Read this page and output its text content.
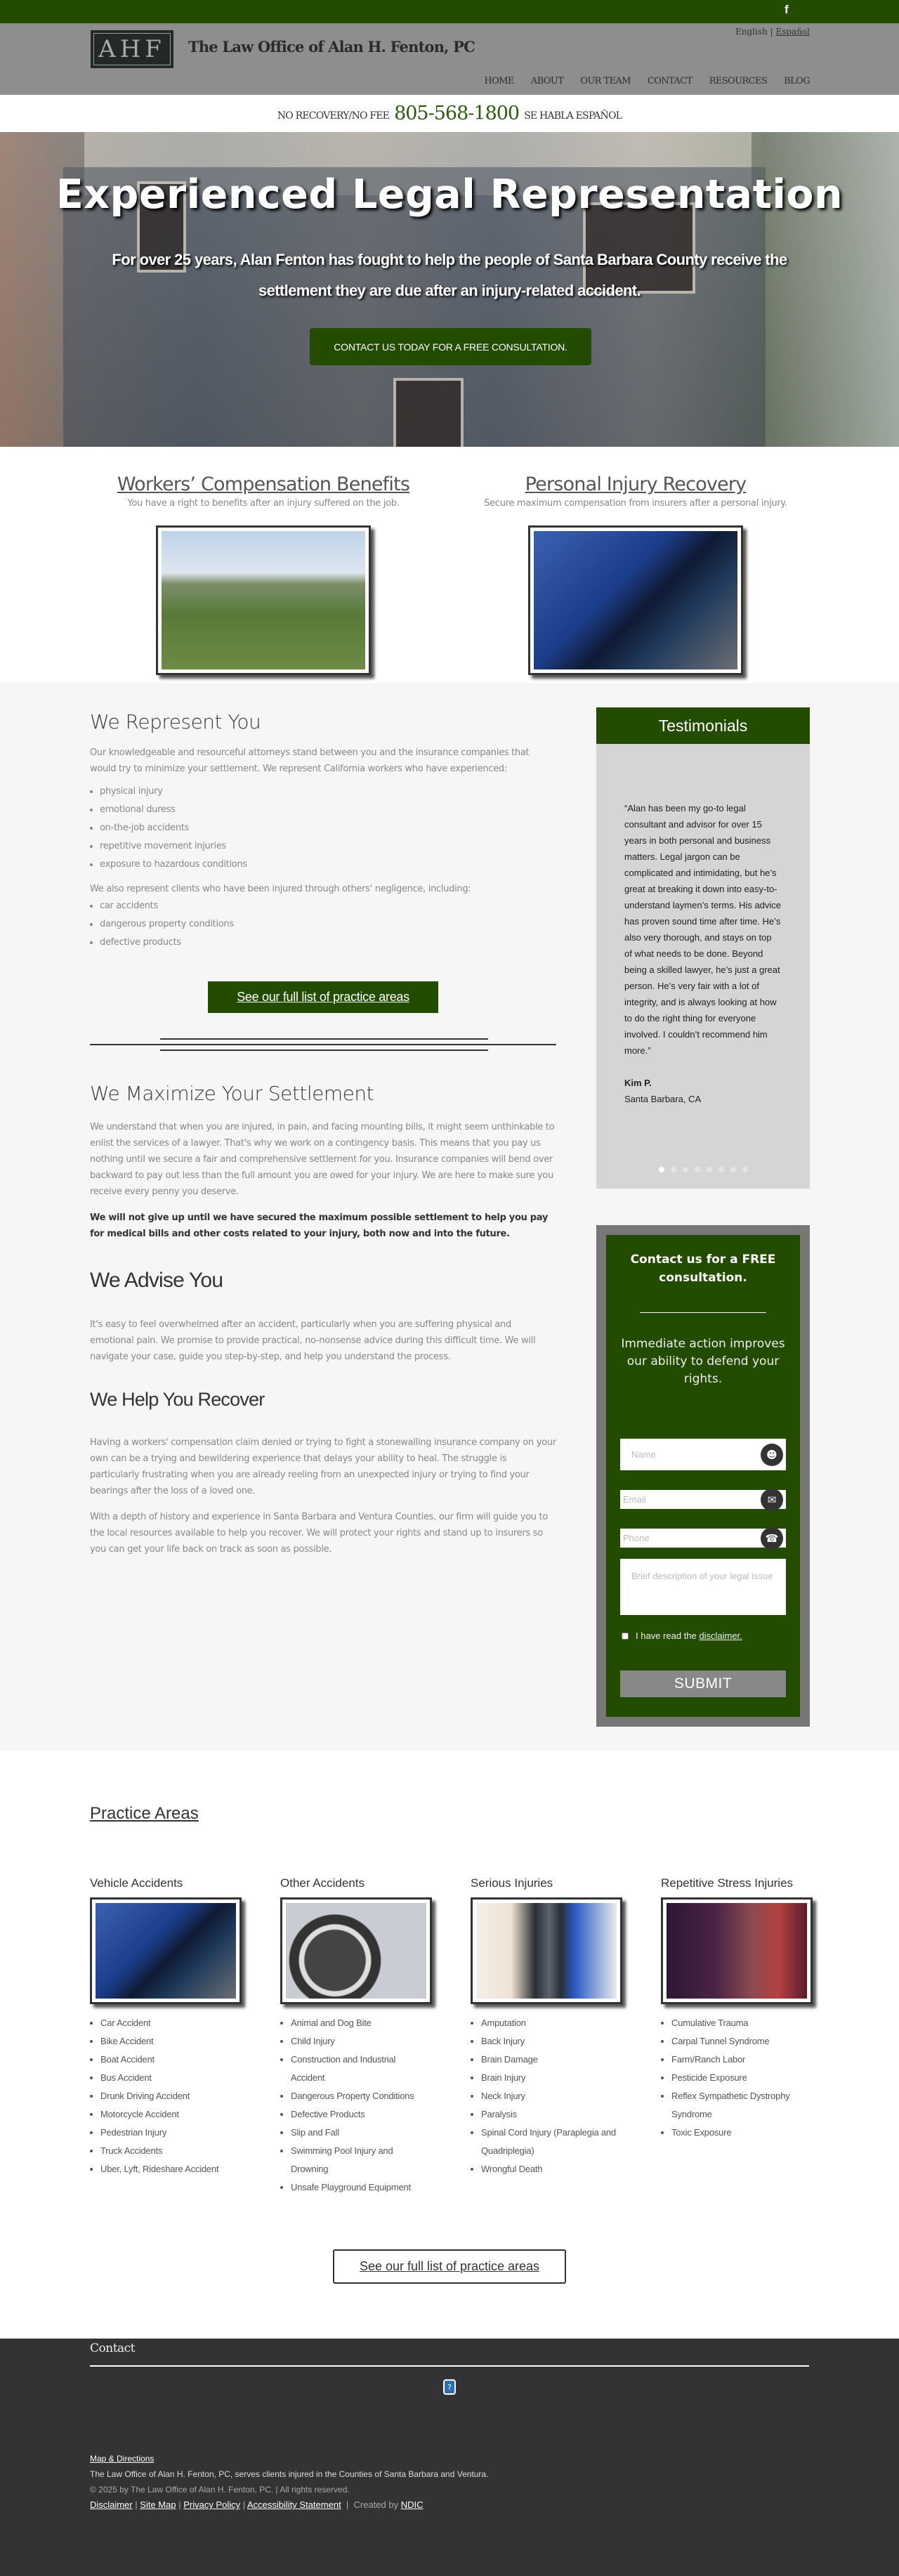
f
AHF	The Law Office of Alan H. Fenton, PC
English | Español
HOME ABOUT OUR TEAM CONTACT RESOURCES BLOG
NO RECOVERY/NO FEE 805-568-1800 SE HABLA ESPAÑOL
Experienced Legal Representation
For over 25 years, Alan Fenton has fought to help the people of Santa Barbara County receive the settlement they are due after an injury-related accident.
CONTACT US TODAY FOR A FREE CONSULTATION.
Workers’ Compensation Benefits

You have a right to benefits after an injury suffered on the job.

Personal Injury Recovery

Secure maximum compensation from insurers after a personal injury.

We Represent You

Our knowledgeable and resourceful attorneys stand between you and the insurance companies that would try to minimize your settlement. We represent California workers who have experienced:

• physical injury
• emotional duress
• on-the-job accidents
• repetitive movement injuries
• exposure to hazardous conditions

We also represent clients who have been injured through others' negligence, including:

• car accidents
• dangerous property conditions
• defective products
See our full list of practice areas
We Maximize Your Settlement

We understand that when you are injured, in pain, and facing mounting bills, it might seem unthinkable to enlist the services of a lawyer. That's why we work on a contingency basis. This means that you pay us nothing until we secure a fair and comprehensive settlement for you. Insurance companies will bend over backward to pay out less than the full amount you are owed for your injury. We are here to make sure you receive every penny you deserve.

We will not give up until we have secured the maximum possible settlement to help you pay for medical bills and other costs related to your injury, both now and into the future.

We Advise You

It's easy to feel overwhelmed after an accident, particularly when you are suffering physical and emotional pain. We promise to provide practical, no-nonsense advice during this difficult time. We will navigate your case, guide you step-by-step, and help you understand the process.

We Help You Recover

Having a workers' compensation claim denied or trying to fight a stonewalling insurance company on your own can be a trying and bewildering experience that delays your ability to heal. The struggle is particularly frustrating when you are already reeling from an unexpected injury or trying to find your bearings after the loss of a loved one.

With a depth of history and experience in Santa Barbara and Ventura Counties, our firm will guide you to the local resources available to help you recover. We will protect your rights and stand up to insurers so you can get your life back on track as soon as possible.

Testimonials
“Alan has been my go-to legal consultant and advisor for over 15 years in both personal and business matters. Legal jargon can be complicated and intimidating, but he’s great at breaking it down into easy-to-understand laymen’s terms. His advice has proven sound time after time. He’s also very thorough, and stays on top of what needs to be done. Beyond being a skilled lawyer, he’s just a great person. He’s very fair with a lot of integrity, and is always looking at how to do the right thing for everyone involved. I couldn’t recommend him more.”
Kim P.
Santa Barbara, CA
Contact us for a FREE consultation.
Immediate action improves our ability to defend your rights.
Name
☻
Email
✉
Phone
☎
Brief description of your legal issue
I have read the disclaimer.
SUBMIT
Practice Areas
Vehicle Accidents
• Car Accident
• Bike Accident
• Boat Accident
• Bus Accident
• Drunk Driving Accident
• Motorcycle Accident
• Pedestrian Injury
• Truck Accidents
• Uber, Lyft, Rideshare Accident
Other Accidents
• Animal and Dog Bite
• Child Injury
• Construction and Industrial Accident
• Dangerous Property Conditions
• Defective Products
• Slip and Fall
• Swimming Pool Injury and Drowning
• Unsafe Playground Equipment
Serious Injuries
• Amputation
• Back Injury
• Brain Damage
• Brain Injury
• Neck Injury
• Paralysis
• Spinal Cord Injury (Paraplegia and Quadriplegia)
• Wrongful Death
Repetitive Stress Injuries
• Cumulative Trauma
• Carpal Tunnel Syndrome
• Farm/Ranch Labor
• Pesticide Exposure
• Reflex Sympathetic Dystrophy Syndrome
• Toxic Exposure
See our full list of practice areas
Contact
?
Map & Directions
The Law Office of Alan H. Fenton, PC, serves clients injured in the Counties of Santa Barbara and Ventura.
© 2025 by The Law Office of Alan H. Fenton, PC. | All rights reserved.
Disclaimer | Site Map | Privacy Policy | Accessibility Statement  |  Created by NDIC
